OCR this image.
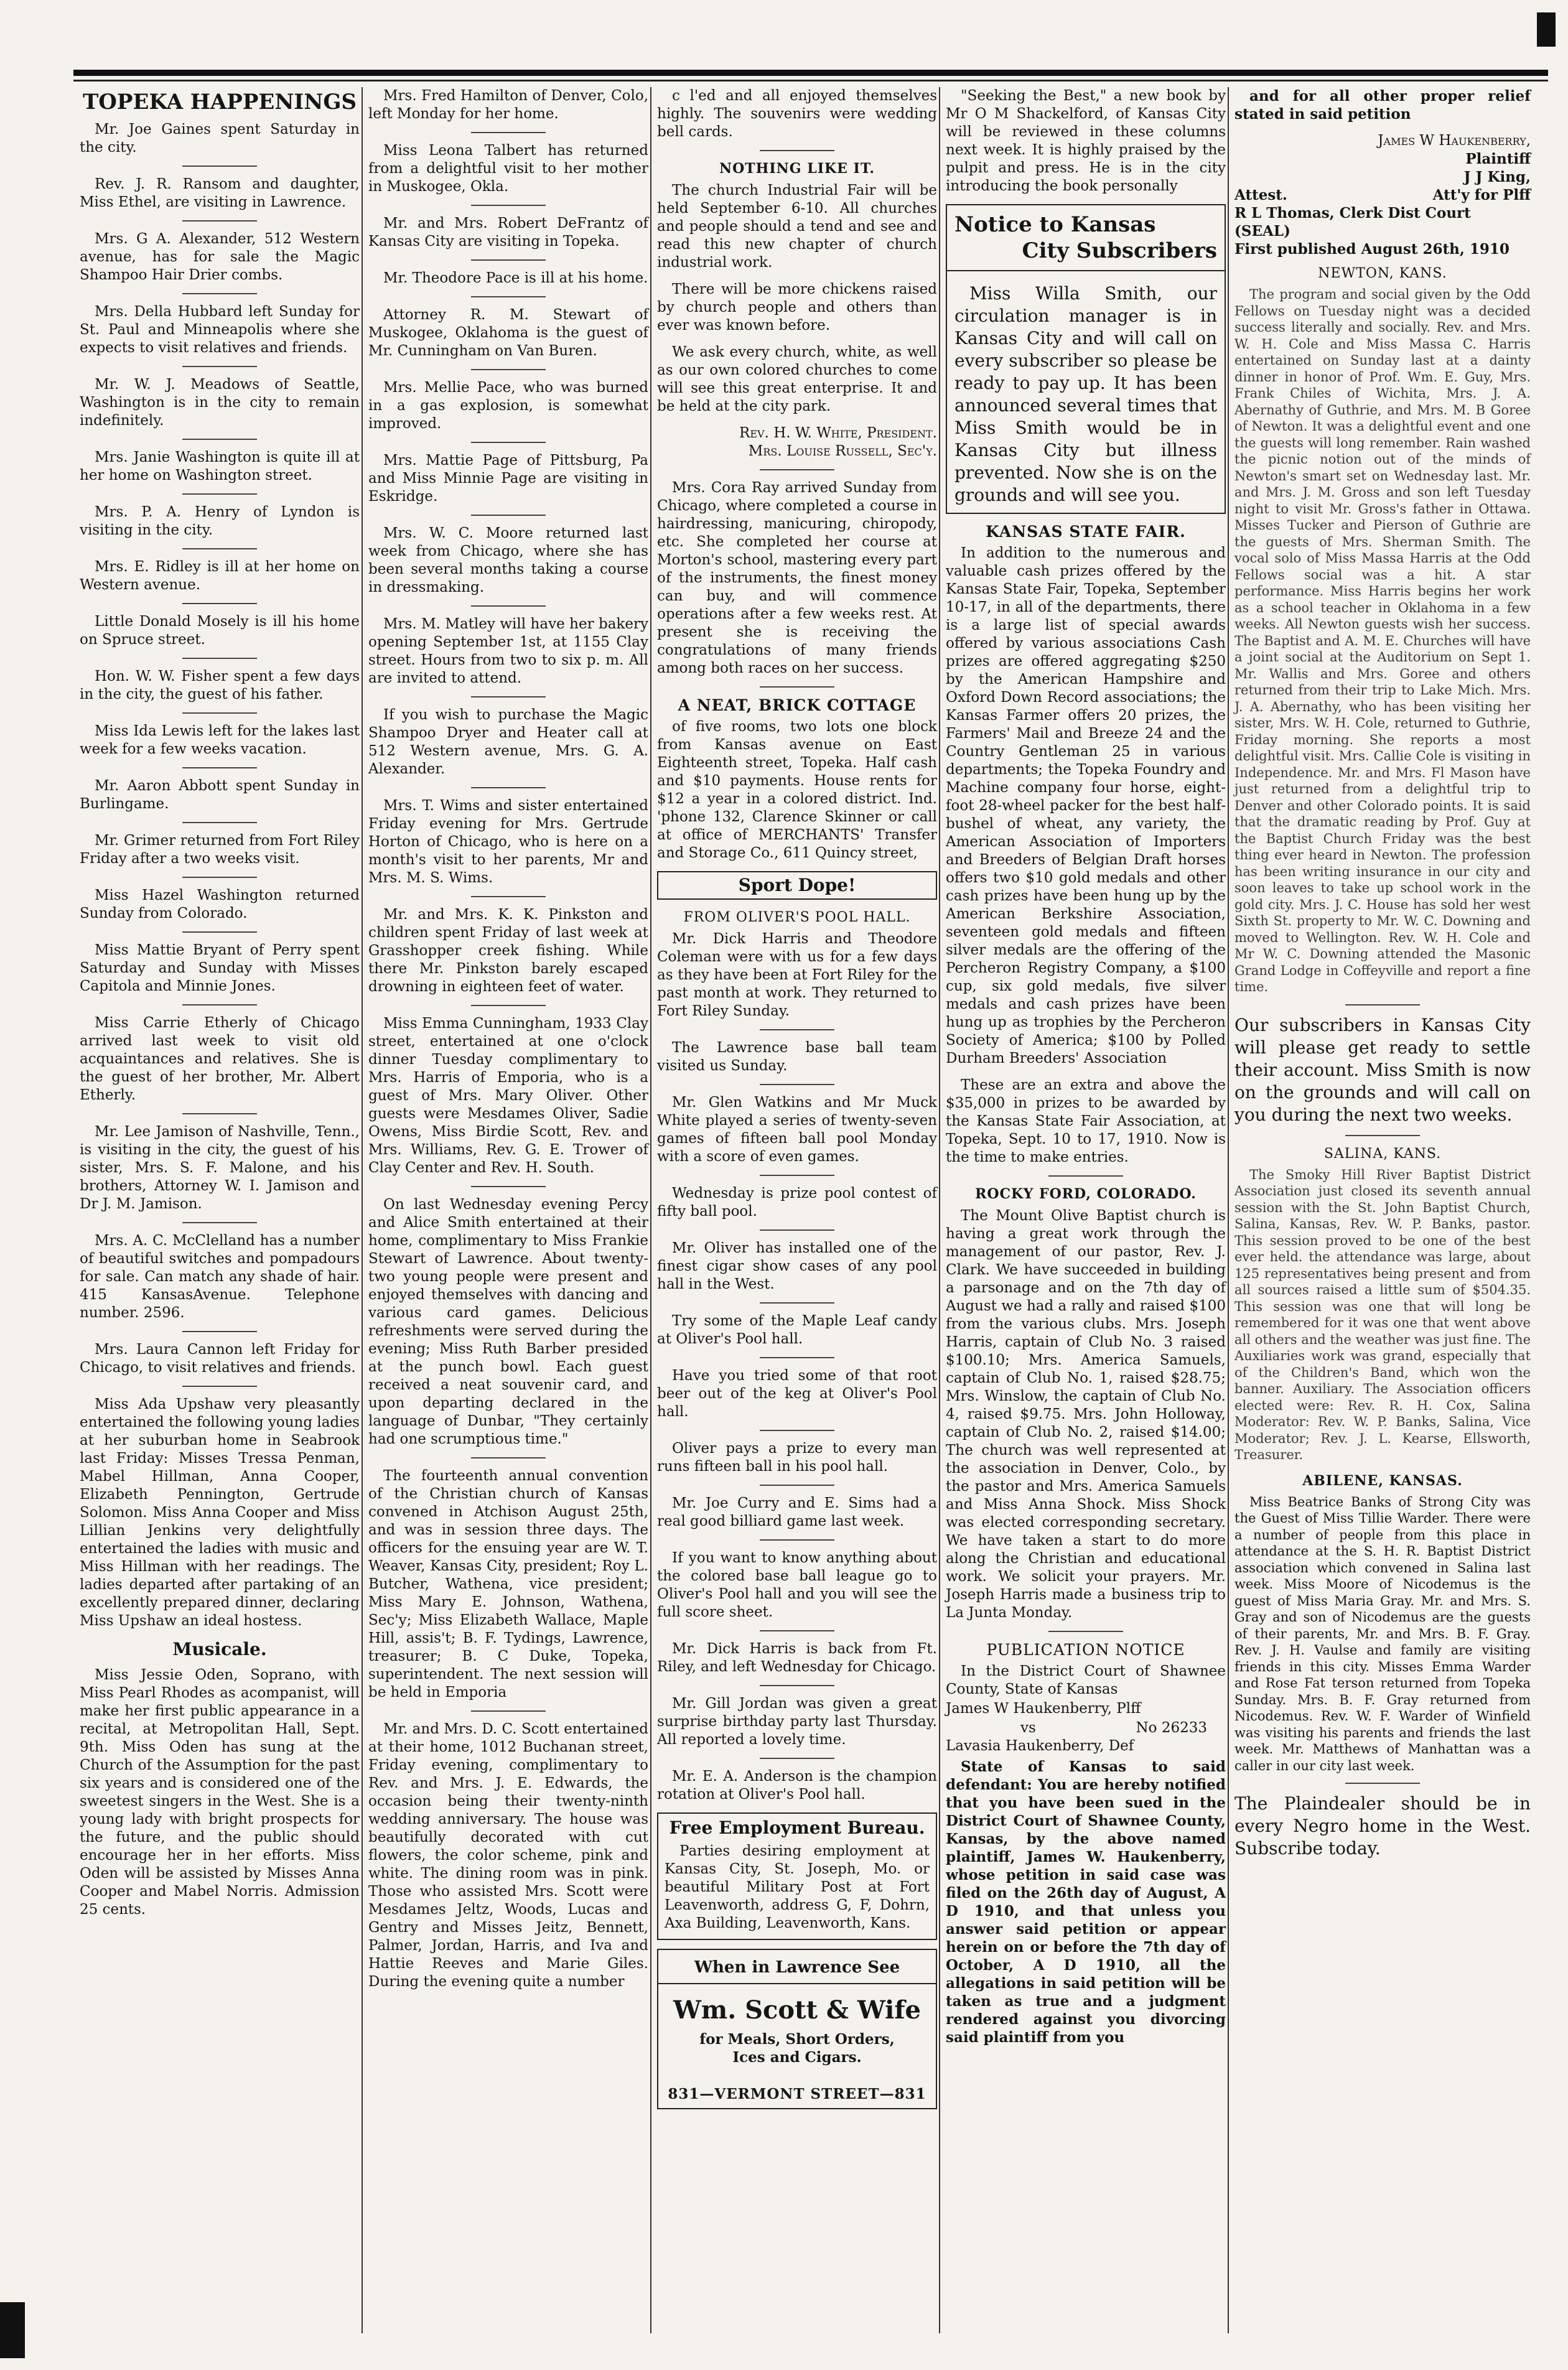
TOPEKA HAPPENINGS
Mr. Joe Gaines spent Saturday in the city.
Rev. J. R. Ransom and daughter, Miss Ethel, are visiting in Lawrence.
Mrs. G A. Alexander, 512 Western avenue, has for sale the Magic Shampoo Hair Drier combs.
Mrs. Della Hubbard left Sunday for St. Paul and Minneapolis where she expects to visit relatives and friends.
Mr. W. J. Meadows of Seattle, Washington is in the city to remain indefinitely.
Mrs. Janie Washington is quite ill at her home on Washington street.
Mrs. P. A. Henry of Lyndon is visiting in the city.
Mrs. E. Ridley is ill at her home on Western avenue.
Little Donald Mosely is ill his home on Spruce street.
Hon. W. W. Fisher spent a few days in the city, the guest of his father.
Miss Ida Lewis left for the lakes last week for a few weeks vacation.
Mr. Aaron Abbott spent Sunday in Burlingame.
Mr. Grimer returned from Fort Riley Friday after a two weeks visit.
Miss Hazel Washington returned Sunday from Colorado.
Miss Mattie Bryant of Perry spent Saturday and Sunday with Misses Capitola and Minnie Jones.
Miss Carrie Etherly of Chicago arrived last week to visit old acquaintances and relatives. She is the guest of her brother, Mr. Albert Etherly.
Mr. Lee Jamison of Nashville, Tenn., is visiting in the city, the guest of his sister, Mrs. S. F. Malone, and his brothers, Attorney W. I. Jamison and Dr J. M. Jamison.
Mrs. A. C. McClelland has a number of beautiful switches and pompadours for sale. Can match any shade of hair. 415 KansasAvenue. Telephone number. 2596.
Mrs. Laura Cannon left Friday for Chicago, to visit relatives and friends.
Miss Ada Upshaw very pleasantly entertained the following young ladies at her suburban home in Seabrook last Friday: Misses Tressa Penman, Mabel Hillman, Anna Cooper, Elizabeth Pennington, Gertrude Solomon. Miss Anna Cooper and Miss Lillian Jenkins very delightfully entertained the ladies with music and Miss Hillman with her readings. The ladies departed after partaking of an excellently prepared dinner, declaring Miss Upshaw an ideal hostess.
Musicale.
Miss Jessie Oden, Soprano, with Miss Pearl Rhodes as acompanist, will make her first public appearance in a recital, at Metropolitan Hall, Sept. 9th. Miss Oden has sung at the Church of the Assumption for the past six years and is considered one of the sweetest singers in the West. She is a young lady with bright prospects for the future, and the public should encourage her in her efforts. Miss Oden will be assisted by Misses Anna Cooper and Mabel Norris. Admission 25 cents.
Mrs. Fred Hamilton of Denver, Colo, left Monday for her home.
Miss Leona Talbert has returned from a delightful visit to her mother in Muskogee, Okla.
Mr. and Mrs. Robert DeFrantz of Kansas City are visiting in Topeka.
Mr. Theodore Pace is ill at his home.
Attorney R. M. Stewart of Muskogee, Oklahoma is the guest of Mr. Cunningham on Van Buren.
Mrs. Mellie Pace, who was burned in a gas explosion, is somewhat improved.
Mrs. Mattie Page of Pittsburg, Pa and Miss Minnie Page are visiting in Eskridge.
Mrs. W. C. Moore returned last week from Chicago, where she has been several months taking a course in dressmaking.
Mrs. M. Matley will have her bakery opening September 1st, at 1155 Clay street. Hours from two to six p. m. All are invited to attend.
If you wish to purchase the Magic Shampoo Dryer and Heater call at 512 Western avenue, Mrs. G. A. Alexander.
Mrs. T. Wims and sister entertained Friday evening for Mrs. Gertrude Horton of Chicago, who is here on a month's visit to her parents, Mr and Mrs. M. S. Wims.
Mr. and Mrs. K. K. Pinkston and children spent Friday of last week at Grasshopper creek fishing. While there Mr. Pinkston barely escaped drowning in eighteen feet of water.
Miss Emma Cunningham, 1933 Clay street, entertained at one o'clock dinner Tuesday complimentary to Mrs. Harris of Emporia, who is a guest of Mrs. Mary Oliver. Other guests were Mesdames Oliver, Sadie Owens, Miss Birdie Scott, Rev. and Mrs. Williams, Rev. G. E. Trower of Clay Center and Rev. H. South.
On last Wednesday evening Percy and Alice Smith entertained at their home, complimentary to Miss Frankie Stewart of Lawrence. About twenty-two young people were present and enjoyed themselves with dancing and various card games. Delicious refreshments were served during the evening; Miss Ruth Barber presided at the punch bowl. Each guest received a neat souvenir card, and upon departing declared in the language of Dunbar, "They certainly had one scrumptious time."
The fourteenth annual convention of the Christian church of Kansas convened in Atchison August 25th, and was in session three days. The officers for the ensuing year are W. T. Weaver, Kansas City, president; Roy L. Butcher, Wathena, vice president; Miss Mary E. Johnson, Wathena, Sec'y; Miss Elizabeth Wallace, Maple Hill, assis't; B. F. Tydings, Lawrence, treasurer; B. C Duke, Topeka, superintendent. The next session will be held in Emporia
Mr. and Mrs. D. C. Scott entertained at their home, 1012 Buchanan street, Friday evening, complimentary to Rev. and Mrs. J. E. Edwards, the occasion being their twenty-ninth wedding anniversary. The house was beautifully decorated with cut flowers, the color scheme, pink and white. The dining room was in pink. Those who assisted Mrs. Scott were Mesdames Jeltz, Woods, Lucas and Gentry and Misses Jeitz, Bennett, Palmer, Jordan, Harris, and Iva and Hattie Reeves and Marie Giles. During the evening quite a number
c l'ed and all enjoyed themselves highly. The souvenirs were wedding bell cards.
NOTHING LIKE IT.
The church Industrial Fair will be held September 6-10. All churches and people should a tend and see and read this new chapter of church industrial work.
There will be more chickens raised by church people and others than ever was known before.
We ask every church, white, as well as our own colored churches to come will see this great enterprise. It and be held at the city park.
Rev. H. W. White, President.
Mrs. Louise Russell, Sec'y.
Mrs. Cora Ray arrived Sunday from Chicago, where completed a course in hairdressing, manicuring, chiropody, etc. She completed her course at Morton's school, mastering every part of the instruments, the finest money can buy, and will commence operations after a few weeks rest. At present she is receiving the congratulations of many friends among both races on her success.
A NEAT, BRICK COTTAGE
of five rooms, two lots one block from Kansas avenue on East Eighteenth street, Topeka. Half cash and $10 payments. House rents for $12 a year in a colored district. Ind. 'phone 132, Clarence Skinner or call at office of MERCHANTS' Transfer and Storage Co., 611 Quincy street,
Sport Dope!
FROM OLIVER'S POOL HALL.
Mr. Dick Harris and Theodore Coleman were with us for a few days as they have been at Fort Riley for the past month at work. They returned to Fort Riley Sunday.
The Lawrence base ball team visited us Sunday.
Mr. Glen Watkins and Mr Muck White played a series of twenty-seven games of fifteen ball pool Monday with a score of even games.
Wednesday is prize pool contest of fifty ball pool.
Mr. Oliver has installed one of the finest cigar show cases of any pool hall in the West.
Try some of the Maple Leaf candy at Oliver's Pool hall.
Have you tried some of that root beer out of the keg at Oliver's Pool hall.
Oliver pays a prize to every man runs fifteen ball in his pool hall.
Mr. Joe Curry and E. Sims had a real good billiard game last week.
If you want to know anything about the colored base ball league go to Oliver's Pool hall and you will see the full score sheet.
Mr. Dick Harris is back from Ft. Riley, and left Wednesday for Chicago.
Mr. Gill Jordan was given a great surprise birthday party last Thursday. All reported a lovely time.
Mr. E. A. Anderson is the champion rotation at Oliver's Pool hall.
Free Employment Bureau.
Parties desiring employment at Kansas City, St. Joseph, Mo. or beautiful Military Post at Fort Leavenworth, address G, F, Dohrn, Axa Building, Leavenworth, Kans.
When in Lawrence See
Wm. Scott & Wife
for Meals, Short Orders,
Ices and Cigars.
831—VERMONT STREET—831
"Seeking the Best," a new book by Mr O M Shackelford, of Kansas City will be reviewed in these columns next week. It is highly praised by the pulpit and press. He is in the city introducing the book personally
Notice to Kansas
City Subscribers
Miss Willa Smith, our circulation manager is in Kansas City and will call on every subscriber so please be ready to pay up. It has been announced several times that Miss Smith would be in Kansas City but illness prevented. Now she is on the grounds and will see you.
KANSAS STATE FAIR.
In addition to the numerous and valuable cash prizes offered by the Kansas State Fair, Topeka, September 10-17, in all of the departments, there is a large list of special awards offered by various associations Cash prizes are offered aggregating $250 by the American Hampshire and Oxford Down Record associations; the Kansas Farmer offers 20 prizes, the Farmers' Mail and Breeze 24 and the Country Gentleman 25 in various departments; the Topeka Foundry and Machine company four horse, eight-foot 28-wheel packer for the best half-bushel of wheat, any variety, the American Association of Importers and Breeders of Belgian Draft horses offers two $10 gold medals and other cash prizes have been hung up by the American Berkshire Association, seventeen gold medals and fifteen silver medals are the offering of the Percheron Registry Company, a $100 cup, six gold medals, five silver medals and cash prizes have been hung up as trophies by the Percheron Society of America; $100 by Polled Durham Breeders' Association
These are an extra and above the $35,000 in prizes to be awarded by the Kansas State Fair Association, at Topeka, Sept. 10 to 17, 1910. Now is the time to make entries.
ROCKY FORD, COLORADO.
The Mount Olive Baptist church is having a great work through the management of our pastor, Rev. J. Clark. We have succeeded in building a parsonage and on the 7th day of August we had a rally and raised $100 from the various clubs. Mrs. Joseph Harris, captain of Club No. 3 raised $100.10; Mrs. America Samuels, captain of Club No. 1, raised $28.75; Mrs. Winslow, the captain of Club No. 4, raised $9.75. Mrs. John Holloway, captain of Club No. 2, raised $14.00; The church was well represented at the association in Denver, Colo., by the pastor and Mrs. America Samuels and Miss Anna Shock. Miss Shock was elected corresponding secretary. We have taken a start to do more along the Christian and educational work. We solicit your prayers. Mr. Joseph Harris made a business trip to La Junta Monday.
PUBLICATION NOTICE
In the District Court of Shawnee County, State of Kansas
James W Haukenberry, Plff
vs	No 26233
Lavasia Haukenberry, Def
State of Kansas to said defendant: You are hereby notified that you have been sued in the District Court of Shawnee County, Kansas, by the above named plaintiff, James W. Haukenberry, whose petition in said case was filed on the 26th day of August, A D 1910, and that unless you answer said petition or appear herein on or before the 7th day of October, A D 1910, all the allegations in said petition will be taken as true and a judgment rendered against you divorcing said plaintiff from you
and for all other proper relief stated in said petition
James W Haukenberry,
Plaintiff
J J King,
Attest.	Att'y for Plff
R L Thomas, Clerk Dist Court
(SEAL)
First published August 26th, 1910
NEWTON, KANS.
The program and social given by the Odd Fellows on Tuesday night was a decided success literally and socially. Rev. and Mrs. W. H. Cole and Miss Massa C. Harris entertained on Sunday last at a dainty dinner in honor of Prof. Wm. E. Guy, Mrs. Frank Chiles of Wichita, Mrs. J. A. Abernathy of Guthrie, and Mrs. M. B Goree of Newton. It was a delightful event and one the guests will long remember. Rain washed the picnic notion out of the minds of Newton's smart set on Wednesday last. Mr. and Mrs. J. M. Gross and son left Tuesday night to visit Mr. Gross's father in Ottawa. Misses Tucker and Pierson of Guthrie are the guests of Mrs. Sherman Smith. The vocal solo of Miss Massa Harris at the Odd Fellows social was a hit. A star performance. Miss Harris begins her work as a school teacher in Oklahoma in a few weeks. All Newton guests wish her success. The Baptist and A. M. E. Churches will have a joint social at the Auditorium on Sept 1. Mr. Wallis and Mrs. Goree and others returned from their trip to Lake Mich. Mrs. J. A. Abernathy, who has been visiting her sister, Mrs. W. H. Cole, returned to Guthrie, Friday morning. She reports a most delightful visit. Mrs. Callie Cole is visiting in Independence. Mr. and Mrs. Fl Mason have just returned from a delightful trip to Denver and other Colorado points. It is said that the dramatic reading by Prof. Guy at the Baptist Church Friday was the best thing ever heard in Newton. The profession has been writing insurance in our city and soon leaves to take up school work in the gold city. Mrs. J. C. House has sold her west Sixth St. property to Mr. W. C. Downing and moved to Wellington. Rev. W. H. Cole and Mr W. C. Downing attended the Masonic Grand Lodge in Coffeyville and report a fine time.
Our subscribers in Kansas City will please get ready to settle their account. Miss Smith is now on the grounds and will call on you during the next two weeks.
SALINA, KANS.
The Smoky Hill River Baptist District Association just closed its seventh annual session with the St. John Baptist Church, Salina, Kansas, Rev. W. P. Banks, pastor. This session proved to be one of the best ever held. the attendance was large, about 125 representatives being present and from all sources raised a little sum of $504.35. This session was one that will long be remembered for it was one that went above all others and the weather was just fine. The Auxiliaries work was grand, especially that of the Children's Band, which won the banner. Auxiliary. The Association officers elected were: Rev. R. H. Cox, Salina Moderator: Rev. W. P. Banks, Salina, Vice Moderator; Rev. J. L. Kearse, Ellsworth, Treasurer.
ABILENE, KANSAS.
Miss Beatrice Banks of Strong City was the Guest of Miss Tillie Warder. There were a number of people from this place in attendance at the S. H. R. Baptist District association which convened in Salina last week. Miss Moore of Nicodemus is the guest of Miss Maria Gray. Mr. and Mrs. S. Gray and son of Nicodemus are the guests of their parents, Mr. and Mrs. B. F. Gray. Rev. J. H. Vaulse and family are visiting friends in this city. Misses Emma Warder and Rose Fat terson returned from Topeka Sunday. Mrs. B. F. Gray returned from Nicodemus. Rev. W. F. Warder of Winfield was visiting his parents and friends the last week. Mr. Matthews of Manhattan was a caller in our city last week.
The Plaindealer should be in every Negro home in the West. Subscribe today.
